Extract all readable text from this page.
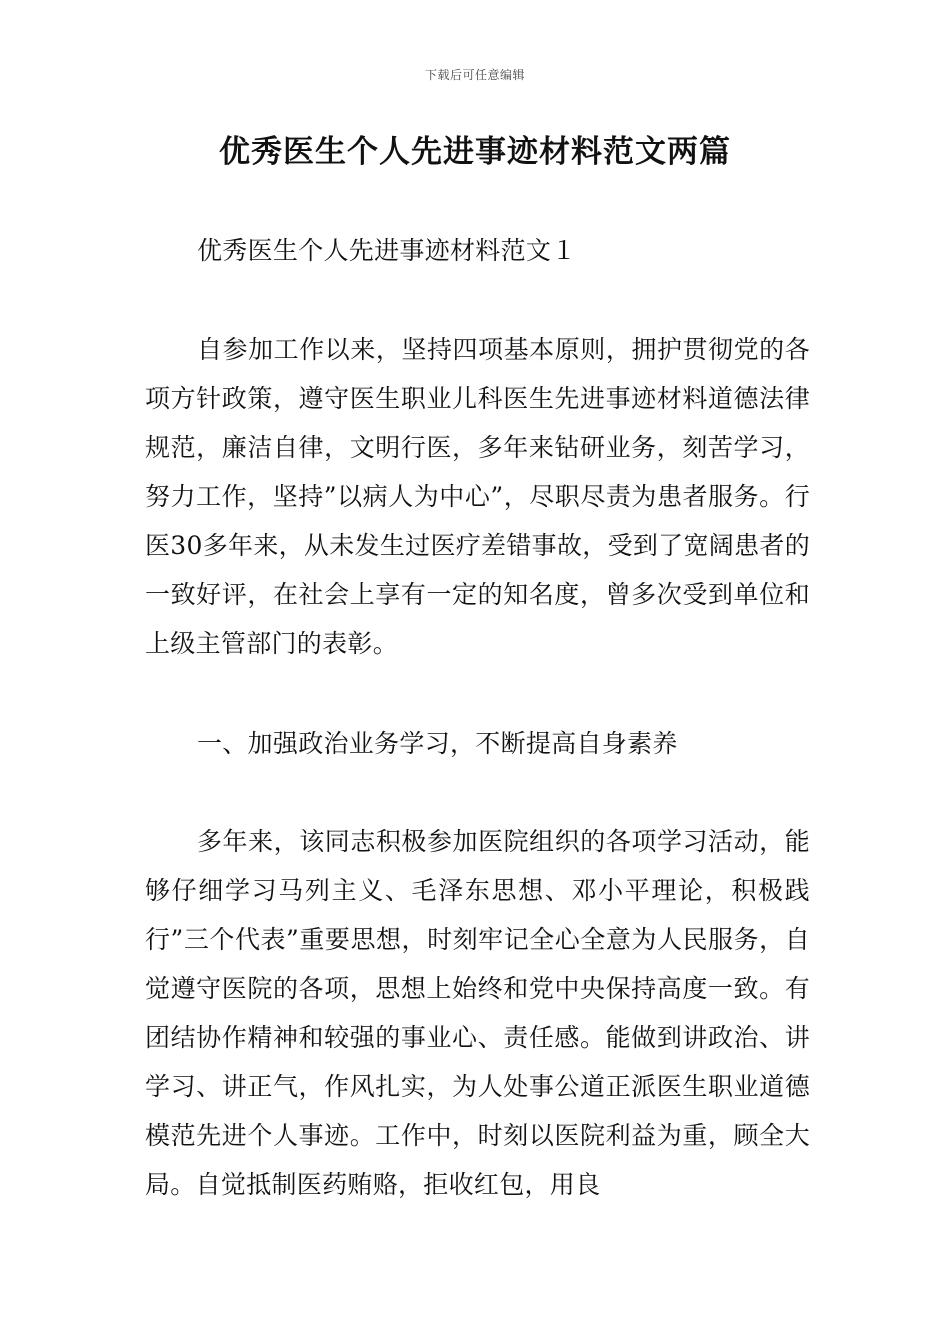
下载后可任意编辑
优秀医生个人先进事迹材料范文两篇

优秀医生个人先进事迹材料范文１

自参加工作以来，坚持四项基本原则，拥护贯彻党的各项方针政策，遵守医生职业儿科医生先进事迹材料道德法律规范，廉洁自律，文明行医，多年来钻研业务，刻苦学习，努力工作，坚持”以病人为中心”，尽职尽责为患者服务。行医30多年来，从未发生过医疗差错事故，受到了宽阔患者的一致好评，在社会上享有一定的知名度，曾多次受到单位和上级主管部门的表彰。

一、加强政治业务学习，不断提高自身素养

多年来，该同志积极参加医院组织的各项学习活动，能够仔细学习马列主义、毛泽东思想、邓小平理论，积极践行”三个代表”重要思想，时刻牢记全心全意为人民服务，自觉遵守医院的各项，思想上始终和党中央保持高度一致。有团结协作精神和较强的事业心、责任感。能做到讲政治、讲学习、讲正气，作风扎实，为人处事公道正派医生职业道德模范先进个人事迹。工作中，时刻以医院利益为重，顾全大局。自觉抵制医药贿赂，拒收红包，用良
